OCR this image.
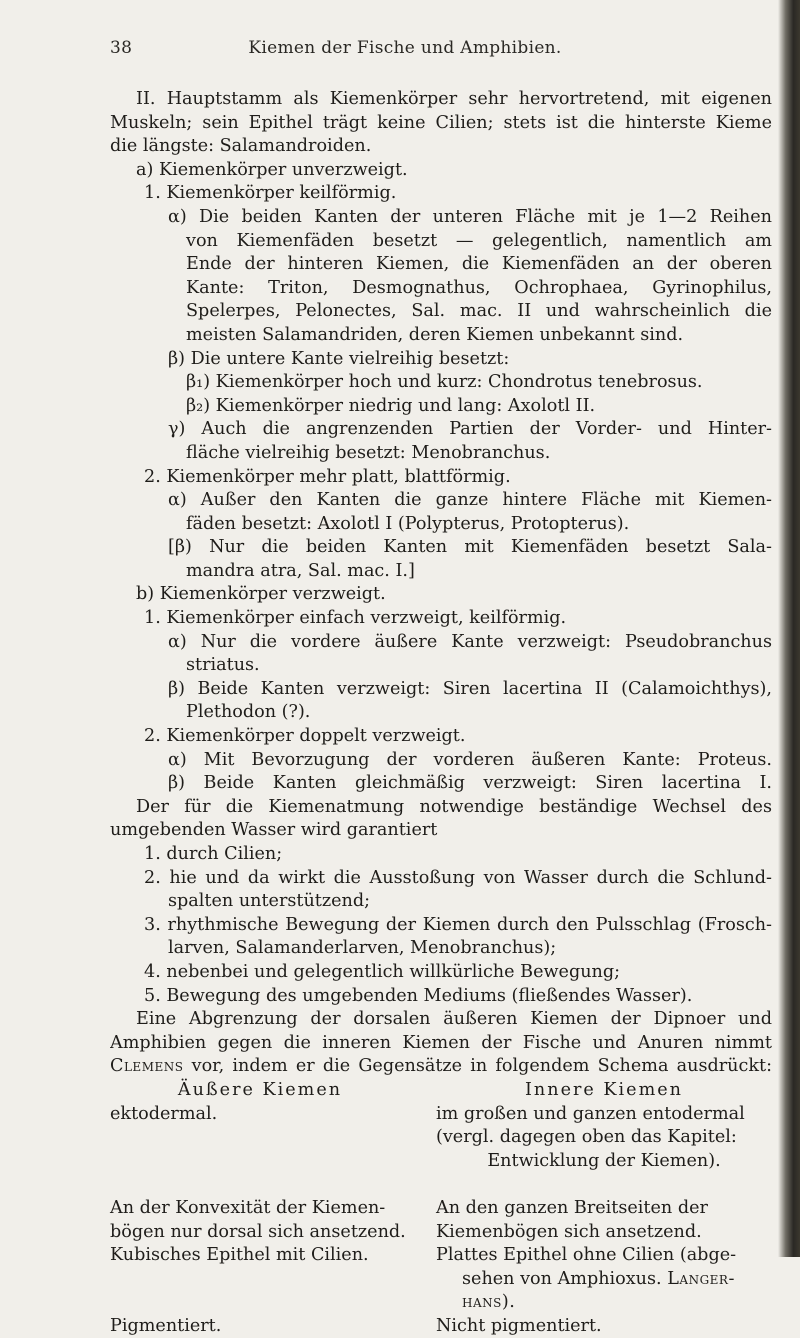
38	Kiemen der Fische und Amphibien.
II. Hauptstamm als Kiemenkörper sehr hervortretend, mit eigenen
Muskeln; sein Epithel trägt keine Cilien; stets ist die hinterste Kieme
die längste: Salamandroiden.
a) Kiemenkörper unverzweigt.
1. Kiemenkörper keilförmig.
α) Die beiden Kanten der unteren Fläche mit je 1—2 Reihen
von Kiemenfäden besetzt — gelegentlich, namentlich am
Ende der hinteren Kiemen, die Kiemenfäden an der oberen
Kante: Triton, Desmognathus, Ochrophaea, Gyrinophilus,
Spelerpes, Pelonectes, Sal. mac. II und wahrscheinlich die
meisten Salamandriden, deren Kiemen unbekannt sind.
β) Die untere Kante vielreihig besetzt:
β₁) Kiemenkörper hoch und kurz: Chondrotus tenebrosus.
β₂) Kiemenkörper niedrig und lang: Axolotl II.
γ) Auch die angrenzenden Partien der Vorder- und Hinter-
fläche vielreihig besetzt: Menobranchus.
2. Kiemenkörper mehr platt, blattförmig.
α) Außer den Kanten die ganze hintere Fläche mit Kiemen-
fäden besetzt: Axolotl I (Polypterus, Protopterus).
[β) Nur die beiden Kanten mit Kiemenfäden besetzt Sala-
mandra atra, Sal. mac. I.]
b) Kiemenkörper verzweigt.
1. Kiemenkörper einfach verzweigt, keilförmig.
α) Nur die vordere äußere Kante verzweigt: Pseudobranchus
striatus.
β) Beide Kanten verzweigt: Siren lacertina II (Calamoichthys),
Plethodon (?).
2. Kiemenkörper doppelt verzweigt.
α) Mit Bevorzugung der vorderen äußeren Kante: Proteus.
β) Beide Kanten gleichmäßig verzweigt: Siren lacertina I.
Der für die Kiemenatmung notwendige beständige Wechsel des
umgebenden Wasser wird garantiert
1. durch Cilien;
2. hie und da wirkt die Ausstoßung von Wasser durch die Schlund-
spalten unterstützend;
3. rhythmische Bewegung der Kiemen durch den Pulsschlag (Frosch-
larven, Salamanderlarven, Menobranchus);
4. nebenbei und gelegentlich willkürliche Bewegung;
5. Bewegung des umgebenden Mediums (fließendes Wasser).
Eine Abgrenzung der dorsalen äußeren Kiemen der Dipnoer und
Amphibien gegen die inneren Kiemen der Fische und Anuren nimmt
Clemens vor, indem er die Gegensätze in folgendem Schema ausdrückt:
Äußere Kiemen
ektodermal.
An der Konvexität der Kiemen-
bögen nur dorsal sich ansetzend.
Kubisches Epithel mit Cilien.
Pigmentiert.
Innere Kiemen
im großen und ganzen entodermal
(vergl. dagegen oben das Kapitel:
Entwicklung der Kiemen).
An den ganzen Breitseiten der
Kiemenbögen sich ansetzend.
Plattes Epithel ohne Cilien (abge-
sehen von Amphioxus. Langer-
hans).
Nicht pigmentiert.
